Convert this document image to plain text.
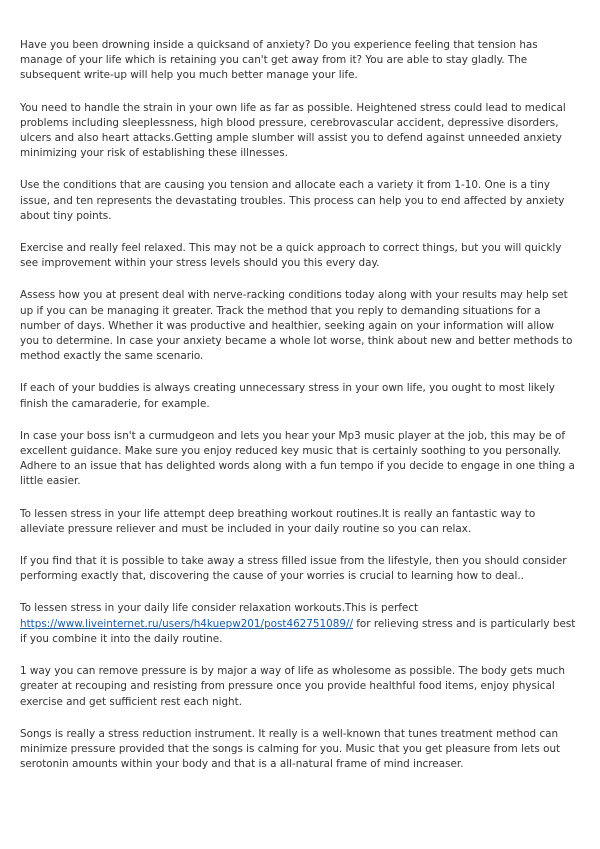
Have you been drowning inside a quicksand of anxiety? Do you experience feeling that tension has manage of your life which is retaining you can't get away from it? You are able to stay gladly. The subsequent write-up will help you much better manage your life.

You need to handle the strain in your own life as far as possible. Heightened stress could lead to medical problems including sleeplessness, high blood pressure, cerebrovascular accident, depressive disorders, ulcers and also heart attacks.Getting ample slumber will assist you to defend against unneeded anxiety minimizing your risk of establishing these illnesses.

Use the conditions that are causing you tension and allocate each a variety it from 1-10. One is a tiny issue, and ten represents the devastating troubles. This process can help you to end affected by anxiety about tiny points.

Exercise and really feel relaxed. This may not be a quick approach to correct things, but you will quickly see improvement within your stress levels should you this every day.

Assess how you at present deal with nerve-racking conditions today along with your results may help set up if you can be managing it greater. Track the method that you reply to demanding situations for a number of days. Whether it was productive and healthier, seeking again on your information will allow you to determine. In case your anxiety became a whole lot worse, think about new and better methods to method exactly the same scenario.

If each of your buddies is always creating unnecessary stress in your own life, you ought to most likely finish the camaraderie, for example.

In case your boss isn't a curmudgeon and lets you hear your Mp3 music player at the job, this may be of excellent guidance. Make sure you enjoy reduced key music that is certainly soothing to you personally. Adhere to an issue that has delighted words along with a fun tempo if you decide to engage in one thing a little easier.

To lessen stress in your life attempt deep breathing workout routines.It is really an fantastic way to alleviate pressure reliever and must be included in your daily routine so you can relax.

If you find that it is possible to take away a stress filled issue from the lifestyle, then you should consider performing exactly that, discovering the cause of your worries is crucial to learning how to deal..

To lessen stress in your daily life consider relaxation workouts.This is perfect
https://www.liveinternet.ru/users/h4kuepw201/post462751089// for relieving stress and is particularly best if you combine it into the daily routine.

1 way you can remove pressure is by major a way of life as wholesome as possible. The body gets much greater at recouping and resisting from pressure once you provide healthful food items, enjoy physical exercise and get sufficient rest each night.

Songs is really a stress reduction instrument. It really is a well-known that tunes treatment method can minimize pressure provided that the songs is calming for you. Music that you get pleasure from lets out serotonin amounts within your body and that is a all-natural frame of mind increaser.
